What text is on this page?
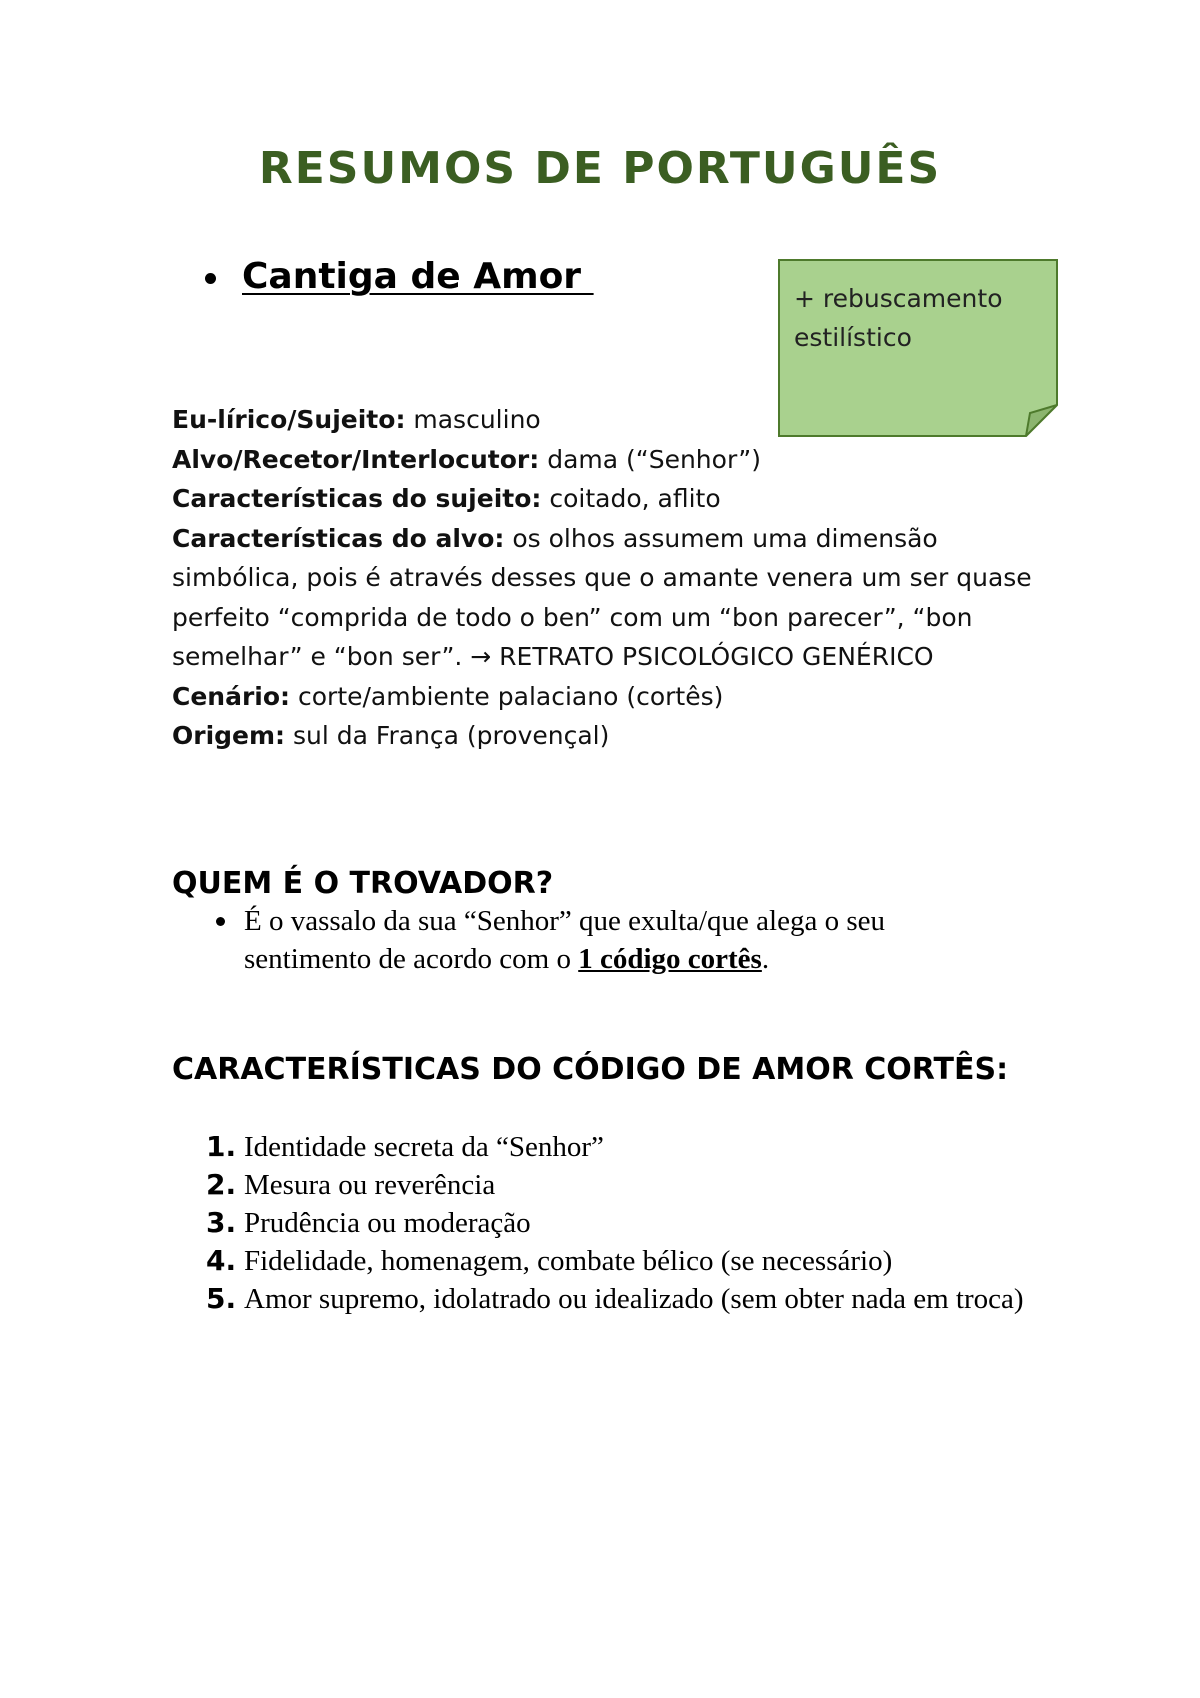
RESUMOS DE PORTUGUÊS
Cantiga de Amor
+ rebuscamento estilístico

Eu-lírico/Sujeito: masculino

Alvo/Recetor/Interlocutor: dama (“Senhor”)

Características do sujeito: coitado, aflito

Características do alvo: os olhos assumem uma dimensão simbólica, pois é através desses que o amante venera um ser quase perfeito “comprida de todo o ben” com um “bon parecer”, “bon semelhar” e “bon ser”. → RETRATO PSICOLÓGICO GENÉRICO

Cenário: corte/ambiente palaciano (cortês)

Origem: sul da França (provençal)

QUEM É O TROVADOR?
É o vassalo da sua “Senhor” que exulta/que alega o seu sentimento de acordo com o 1 código cortês.
CARACTERÍSTICAS DO CÓDIGO DE AMOR CORTÊS:
1. Identidade secreta da “Senhor”
2. Mesura ou reverência
3. Prudência ou moderação
4. Fidelidade, homenagem, combate bélico (se necessário)
5. Amor supremo, idolatrado ou idealizado (sem obter nada em troca)
